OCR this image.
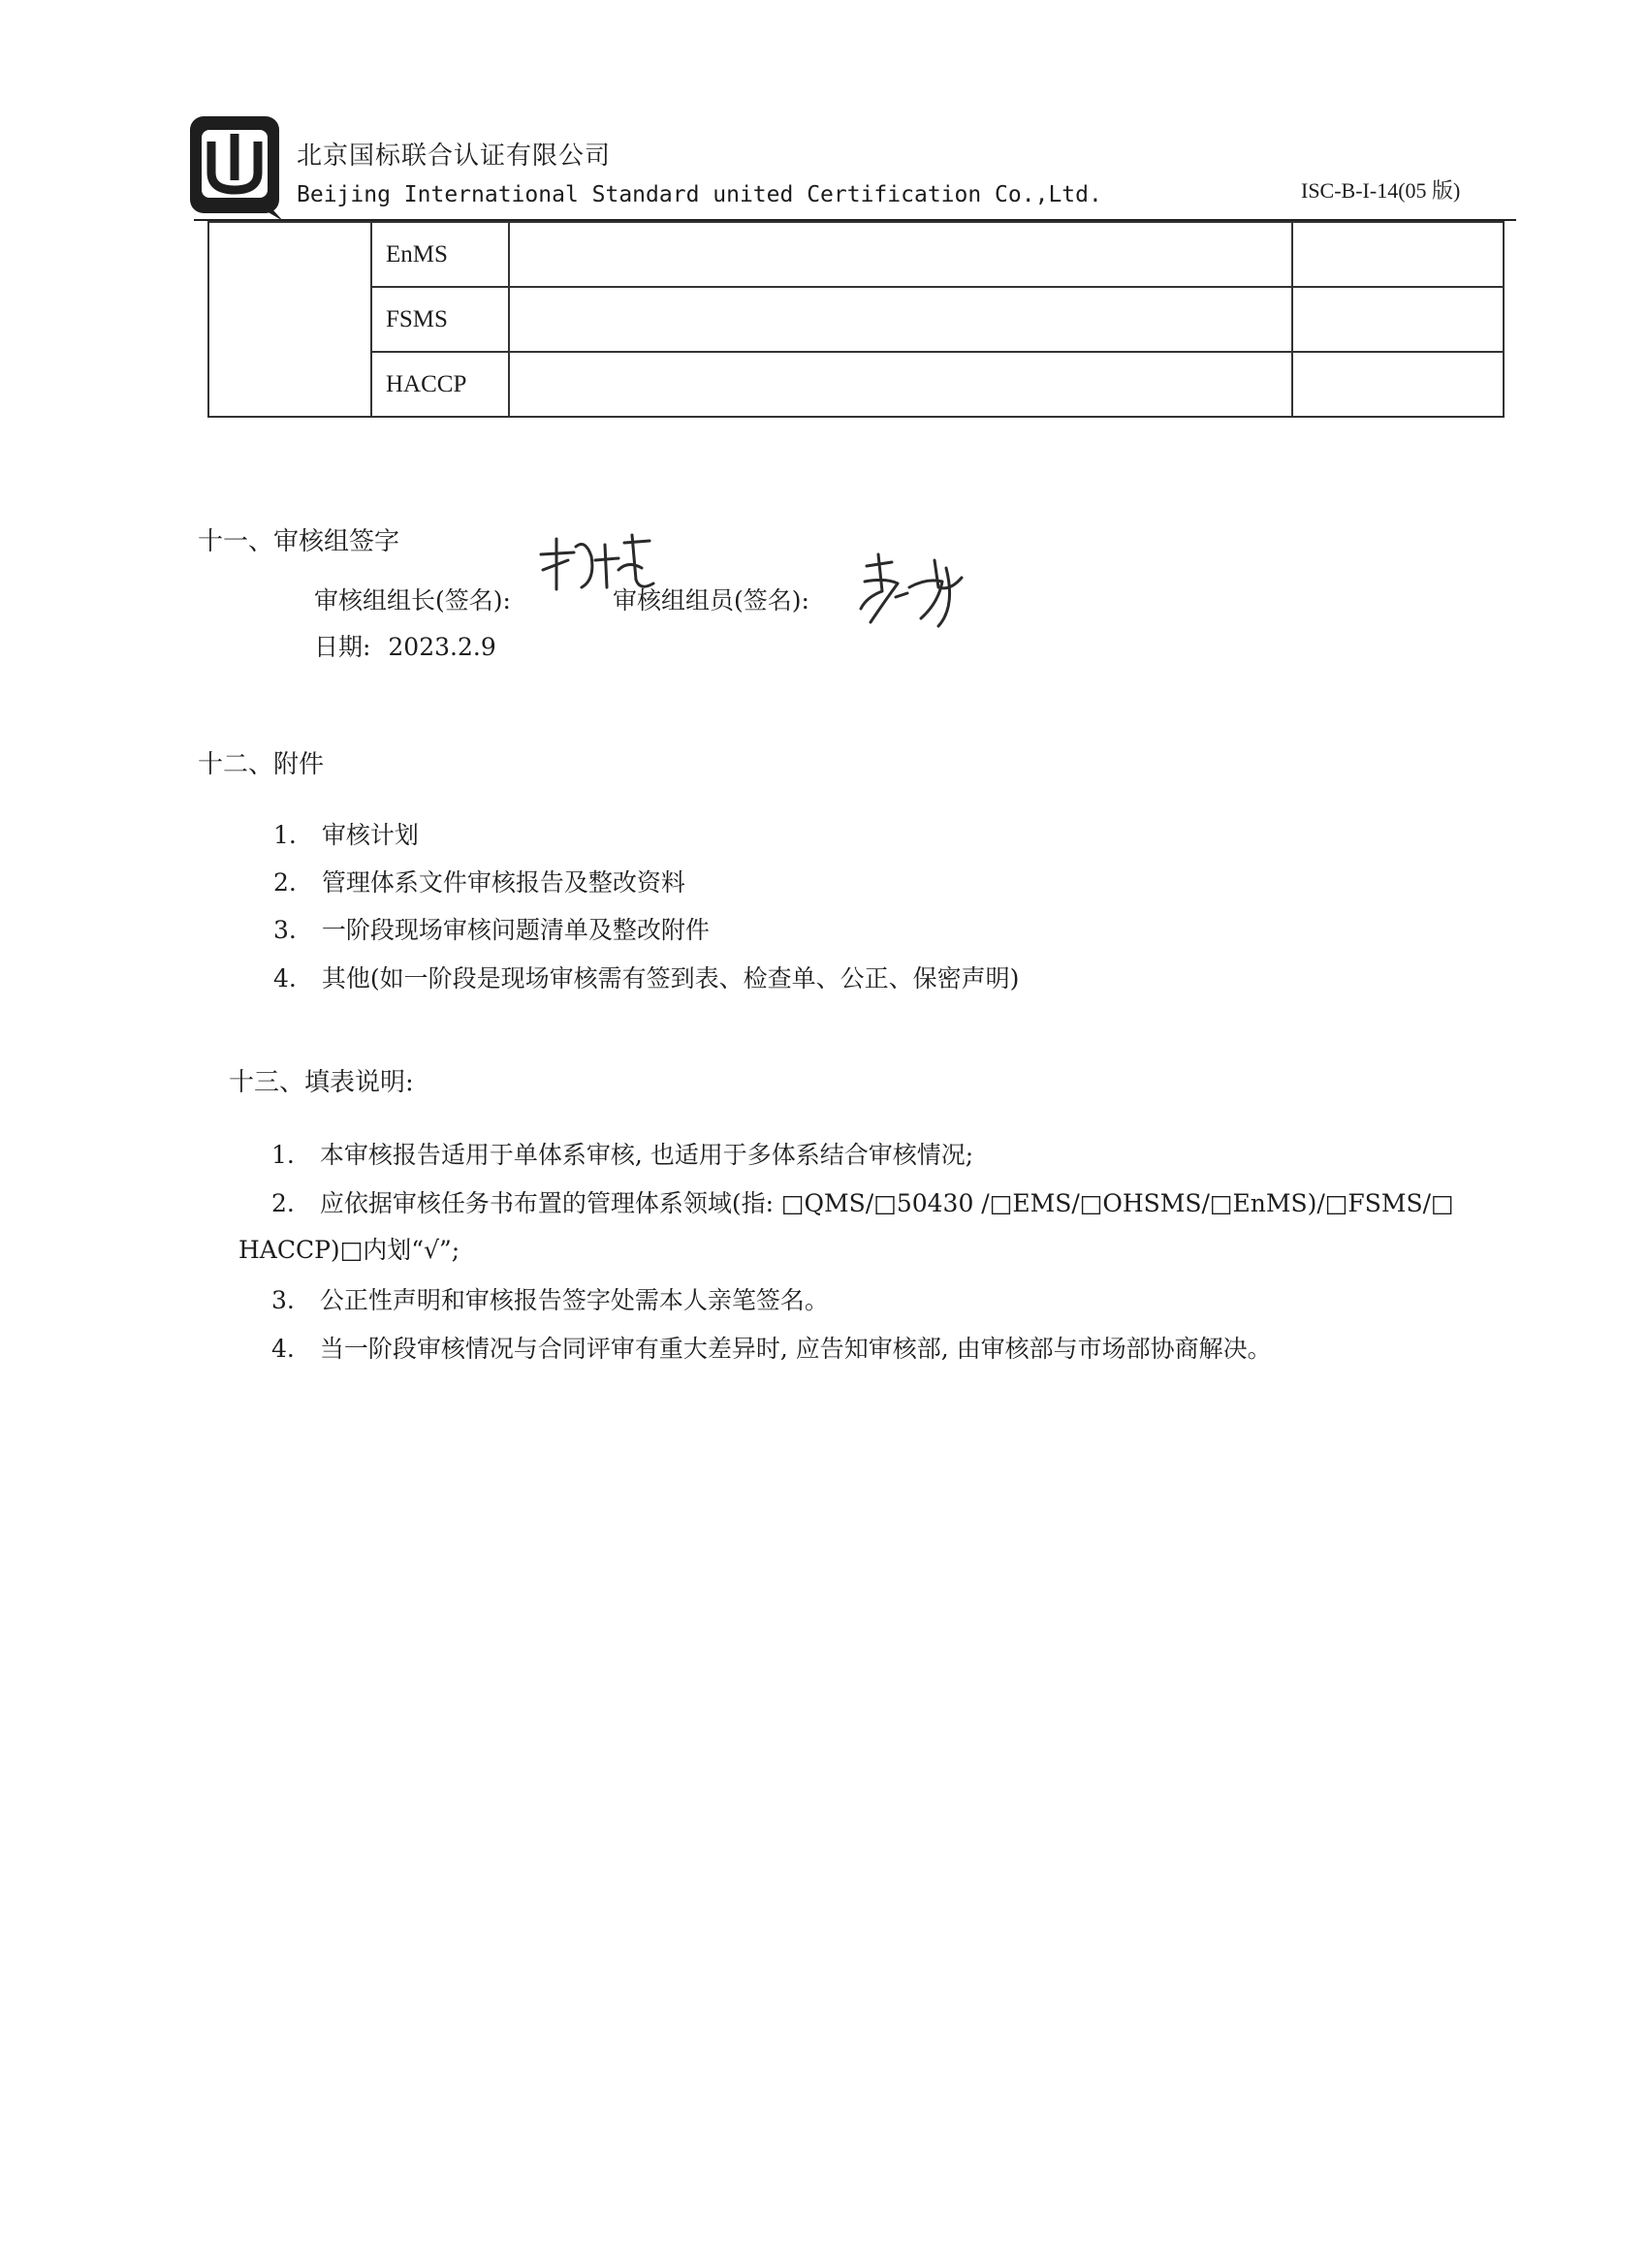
北京国标联合认证有限公司
Beijing International Standard united Certification Co.,Ltd.	ISC-B-I-14(05 版)
	EnMS		
	FSMS		
	HACCP		
十一、审核组签字
审核组组长(签名):	审核组组员(签名):
日期: 2023.2.9
十二、附件
1. 审核计划
2. 管理体系文件审核报告及整改资料
3. 一阶段现场审核问题清单及整改附件
4. 其他(如一阶段是现场审核需有签到表、检查单、公正、保密声明)
十三、填表说明:
1. 本审核报告适用于单体系审核, 也适用于多体系结合审核情况;
2. 应依据审核任务书布置的管理体系领域(指: □QMS/□50430 /□EMS/□OHSMS/□EnMS)/□FSMS/□
HACCP)□内划“√”;
3. 公正性声明和审核报告签字处需本人亲笔签名。
4. 当一阶段审核情况与合同评审有重大差异时, 应告知审核部, 由审核部与市场部协商解决。
